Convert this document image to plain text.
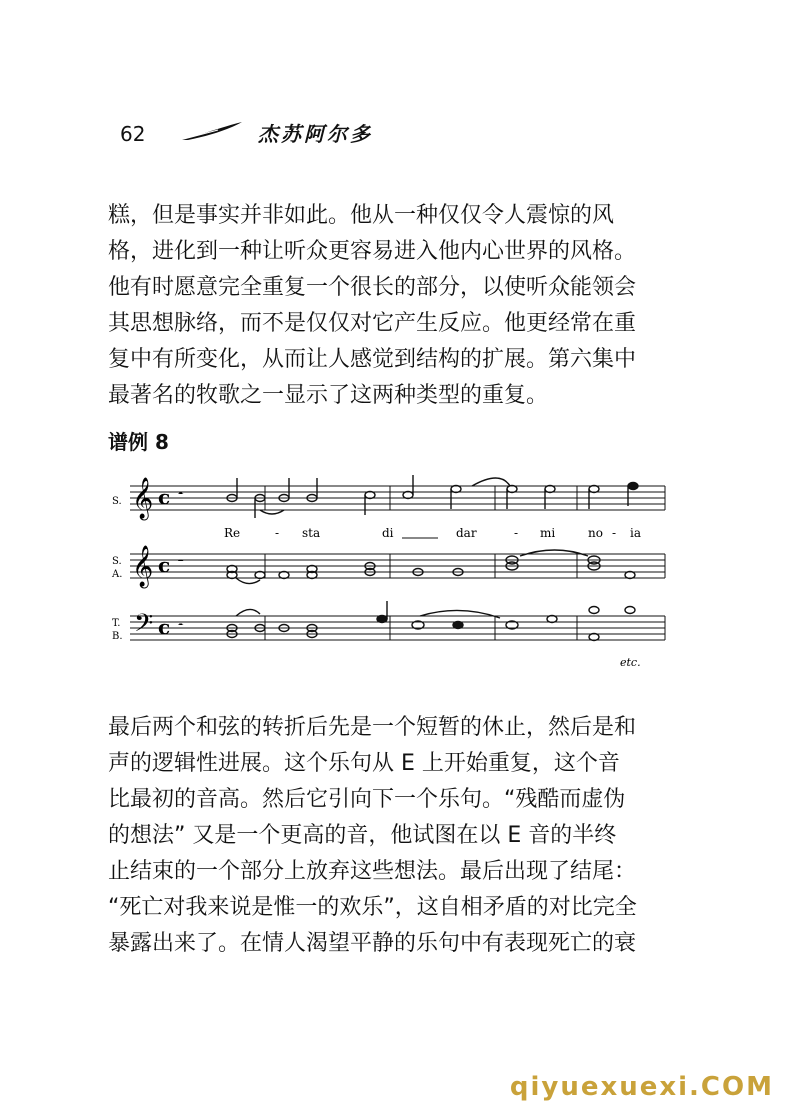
62	杰苏阿尔多
糕，但是事实并非如此。他从一种仅仅令人震惊的风
格，进化到一种让听众更容易进入他内心世界的风格。
他有时愿意完全重复一个很长的部分，以使听众能领会
其思想脉络，而不是仅仅对它产生反应。他更经常在重
复中有所变化，从而让人感觉到结构的扩展。第六集中
最著名的牧歌之一显示了这两种类型的重复。
谱例 8
S. 𝄞 c 𝄼
Re	- sta	di	dar	- mi	no - ia
S.
A. 𝄞 c 𝄼
T.
B. 𝄢 c 𝄼
etc.
最后两个和弦的转折后先是一个短暂的休止，然后是和
声的逻辑性进展。这个乐句从 E 上开始重复，这个音
比最初的音高。然后它引向下一个乐句。“残酷而虚伪
的想法” 又是一个更高的音，他试图在以 E 音的半终
止结束的一个部分上放弃这些想法。最后出现了结尾：
“死亡对我来说是惟一的欢乐”，这自相矛盾的对比完全
暴露出来了。在情人渴望平静的乐句中有表现死亡的衰
qiyuexuexi.COM
